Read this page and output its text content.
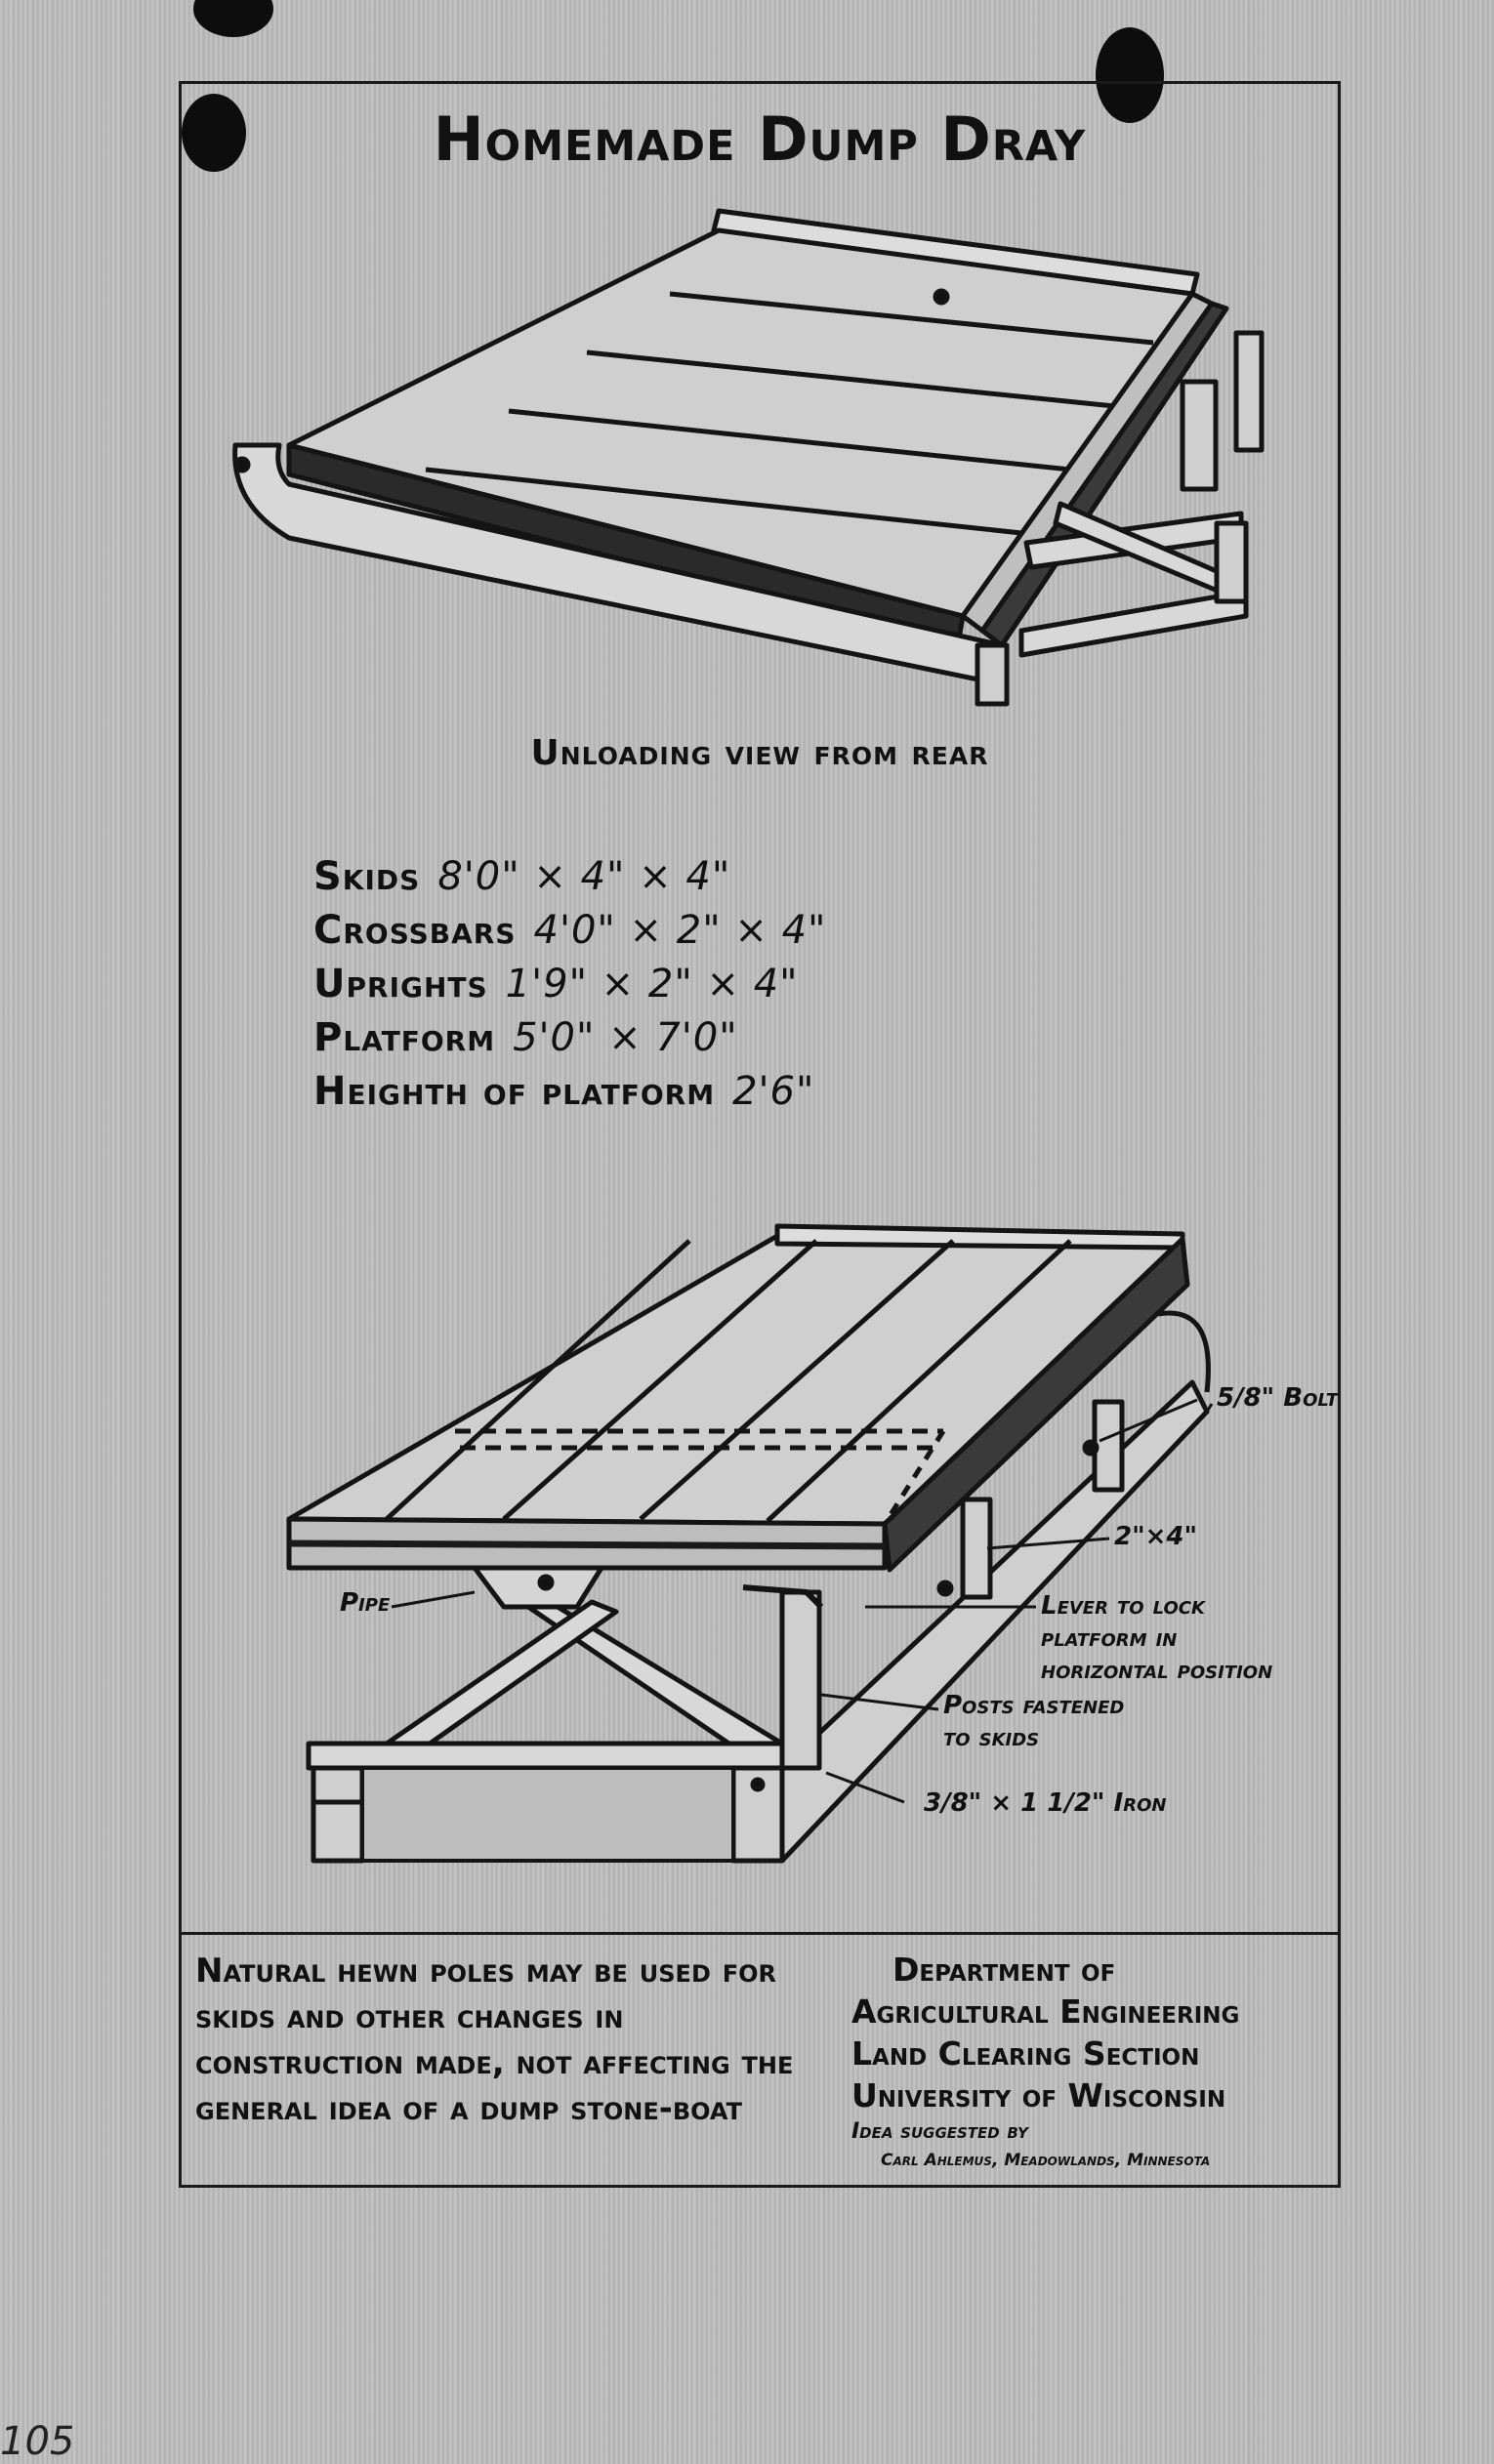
Homemade Dump Dray
Unloading view from rear
Skids 8'0" × 4" × 4"
Crossbars 4'0" × 2" × 4"
Uprights 1'9" × 2" × 4"
Platform 5'0" × 7'0"
Heighth of platform 2'6"
5/8" Bolt
2"×4"
Pipe	Lever to lock
platform in
horizontal position
Posts fastened
to skids
3/8" × 1 1/2" Iron

Natural hewn poles may be used for skids and other changes in construction made, not affecting the general idea of a dump stone-boat

Department of
Agricultural Engineering
Land Clearing Section
University of Wisconsin
Idea suggested by
Carl Ahlemus, Meadowlands, Minnesota
105
